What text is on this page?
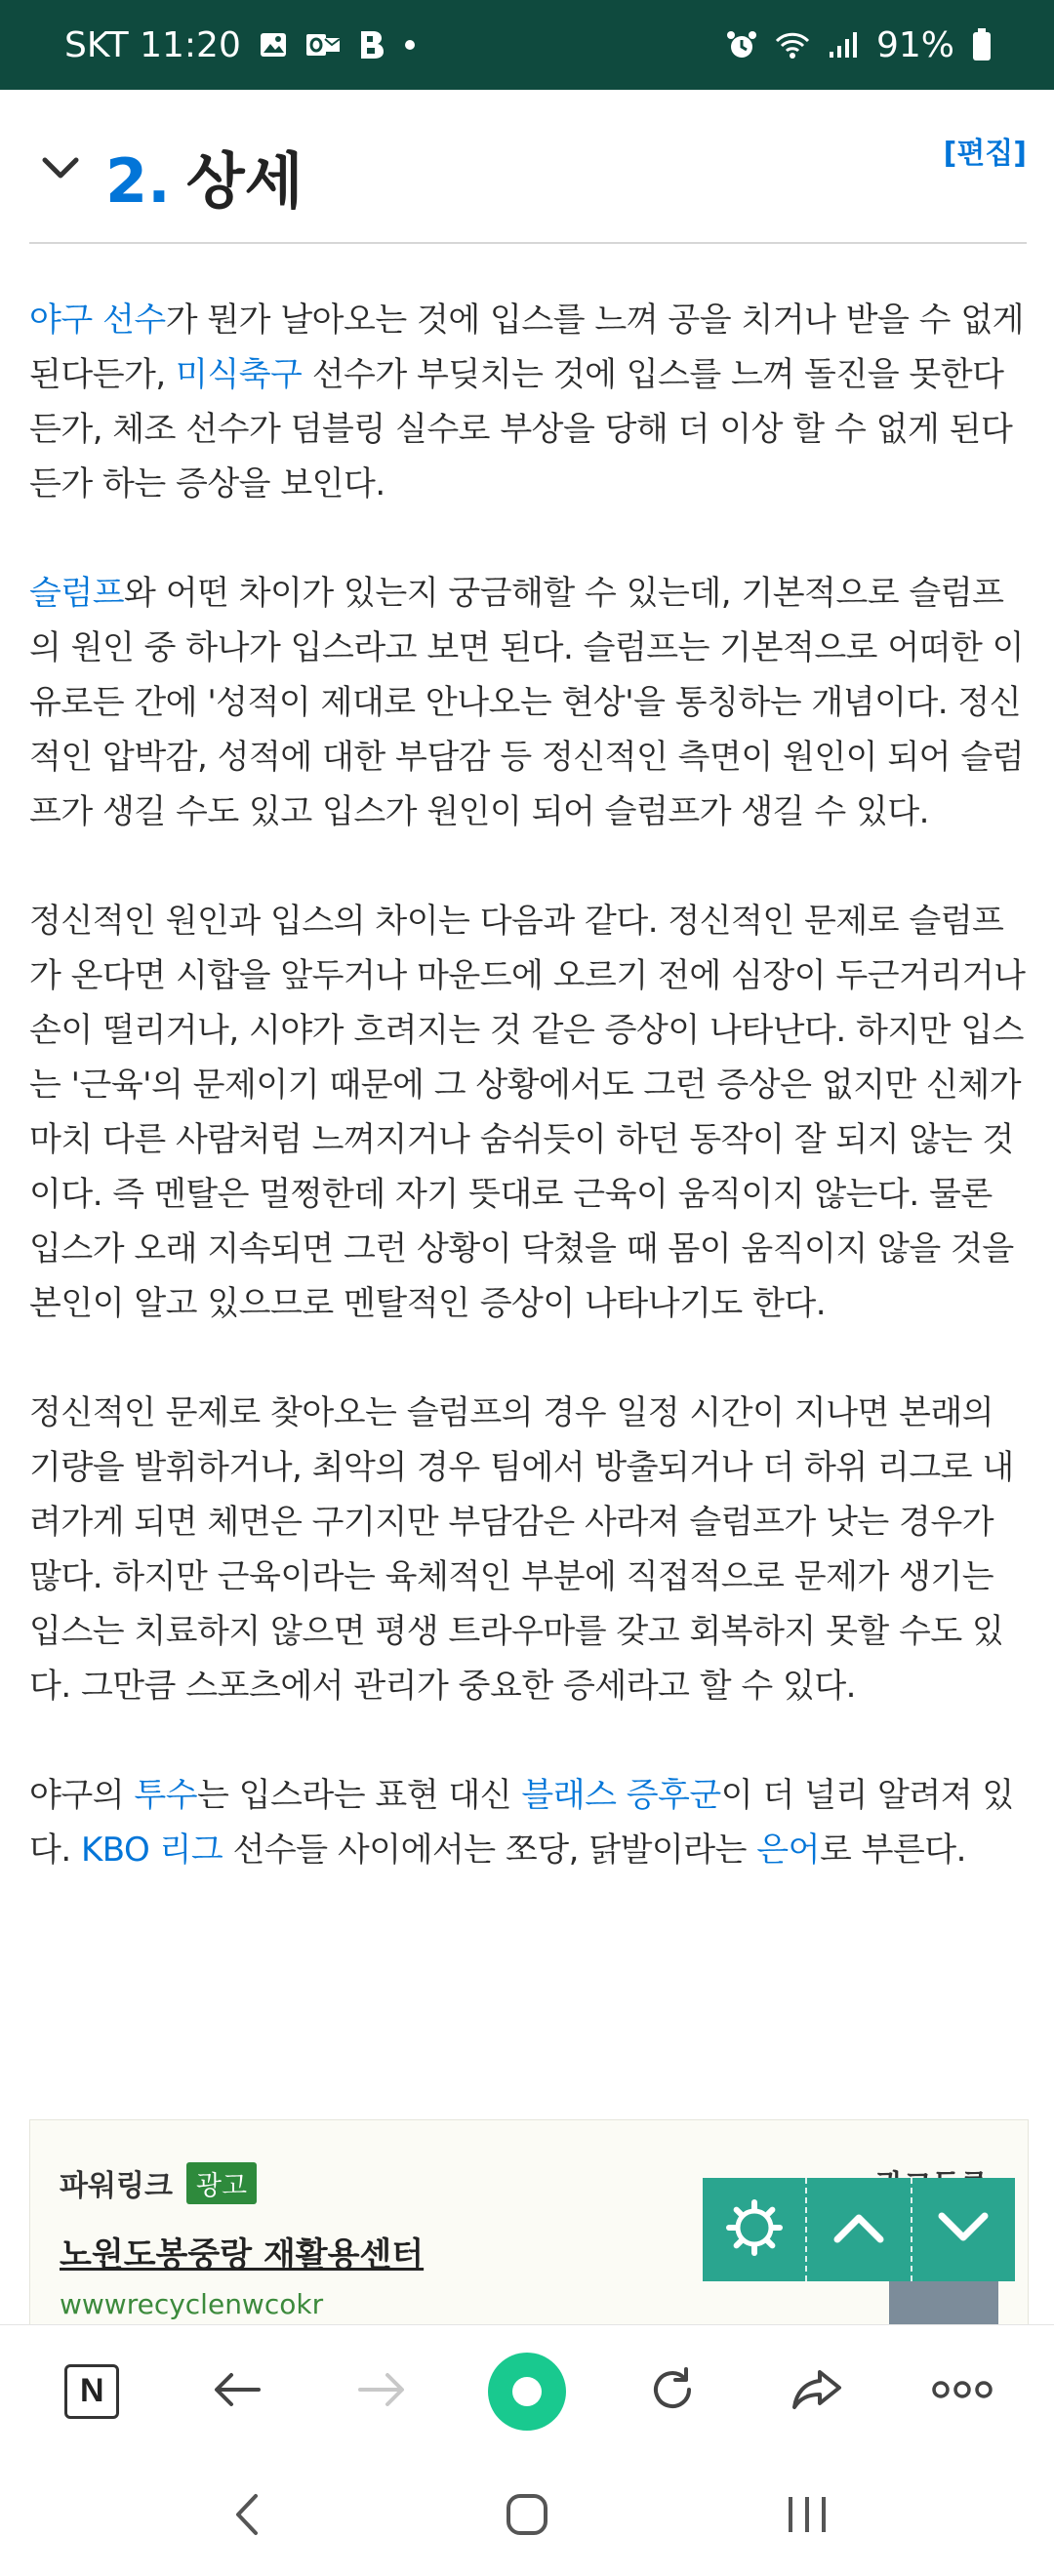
SKT 11:20	91%
2. 상세	[편집]

야구 선수가 뭔가 날아오는 것에 입스를 느껴 공을 치거나 받을 수 없게 된다든가, 미식축구 선수가 부딪치는 것에 입스를 느껴 돌진을 못한다든가, 체조 선수가 덤블링 실수로 부상을 당해 더 이상 할 수 없게 된다든가 하는 증상을 보인다.

슬럼프와 어떤 차이가 있는지 궁금해할 수 있는데, 기본적으로 슬럼프의 원인 중 하나가 입스라고 보면 된다. 슬럼프는 기본적으로 어떠한 이유로든 간에 '성적이 제대로 안나오는 현상'을 통칭하는 개념이다. 정신적인 압박감, 성적에 대한 부담감 등 정신적인 측면이 원인이 되어 슬럼프가 생길 수도 있고 입스가 원인이 되어 슬럼프가 생길 수 있다.

정신적인 원인과 입스의 차이는 다음과 같다. 정신적인 문제로 슬럼프가 온다면 시합을 앞두거나 마운드에 오르기 전에 심장이 두근거리거나 손이 떨리거나, 시야가 흐려지는 것 같은 증상이 나타난다. 하지만 입스는 '근육'의 문제이기 때문에 그 상황에서도 그런 증상은 없지만 신체가 마치 다른 사람처럼 느껴지거나 숨쉬듯이 하던 동작이 잘 되지 않는 것이다. 즉 멘탈은 멀쩡한데 자기 뜻대로 근육이 움직이지 않는다. 물론 입스가 오래 지속되면 그런 상황이 닥쳤을 때 몸이 움직이지 않을 것을 본인이 알고 있으므로 멘탈적인 증상이 나타나기도 한다.

정신적인 문제로 찾아오는 슬럼프의 경우 일정 시간이 지나면 본래의 기량을 발휘하거나, 최악의 경우 팀에서 방출되거나 더 하위 리그로 내려가게 되면 체면은 구기지만 부담감은 사라져 슬럼프가 낫는 경우가 많다. 하지만 근육이라는 육체적인 부분에 직접적으로 문제가 생기는 입스는 치료하지 않으면 평생 트라우마를 갖고 회복하지 못할 수도 있다. 그만큼 스포츠에서 관리가 중요한 증세라고 할 수 있다.

야구의 투수는 입스라는 표현 대신 블래스 증후군이 더 널리 알려져 있다. KBO 리그 선수들 사이에서는 쪼당, 닭발이라는 은어로 부른다.

파워링크 광고
노원도봉중랑 재활용센터
wwwrecyclenwcokr
N
